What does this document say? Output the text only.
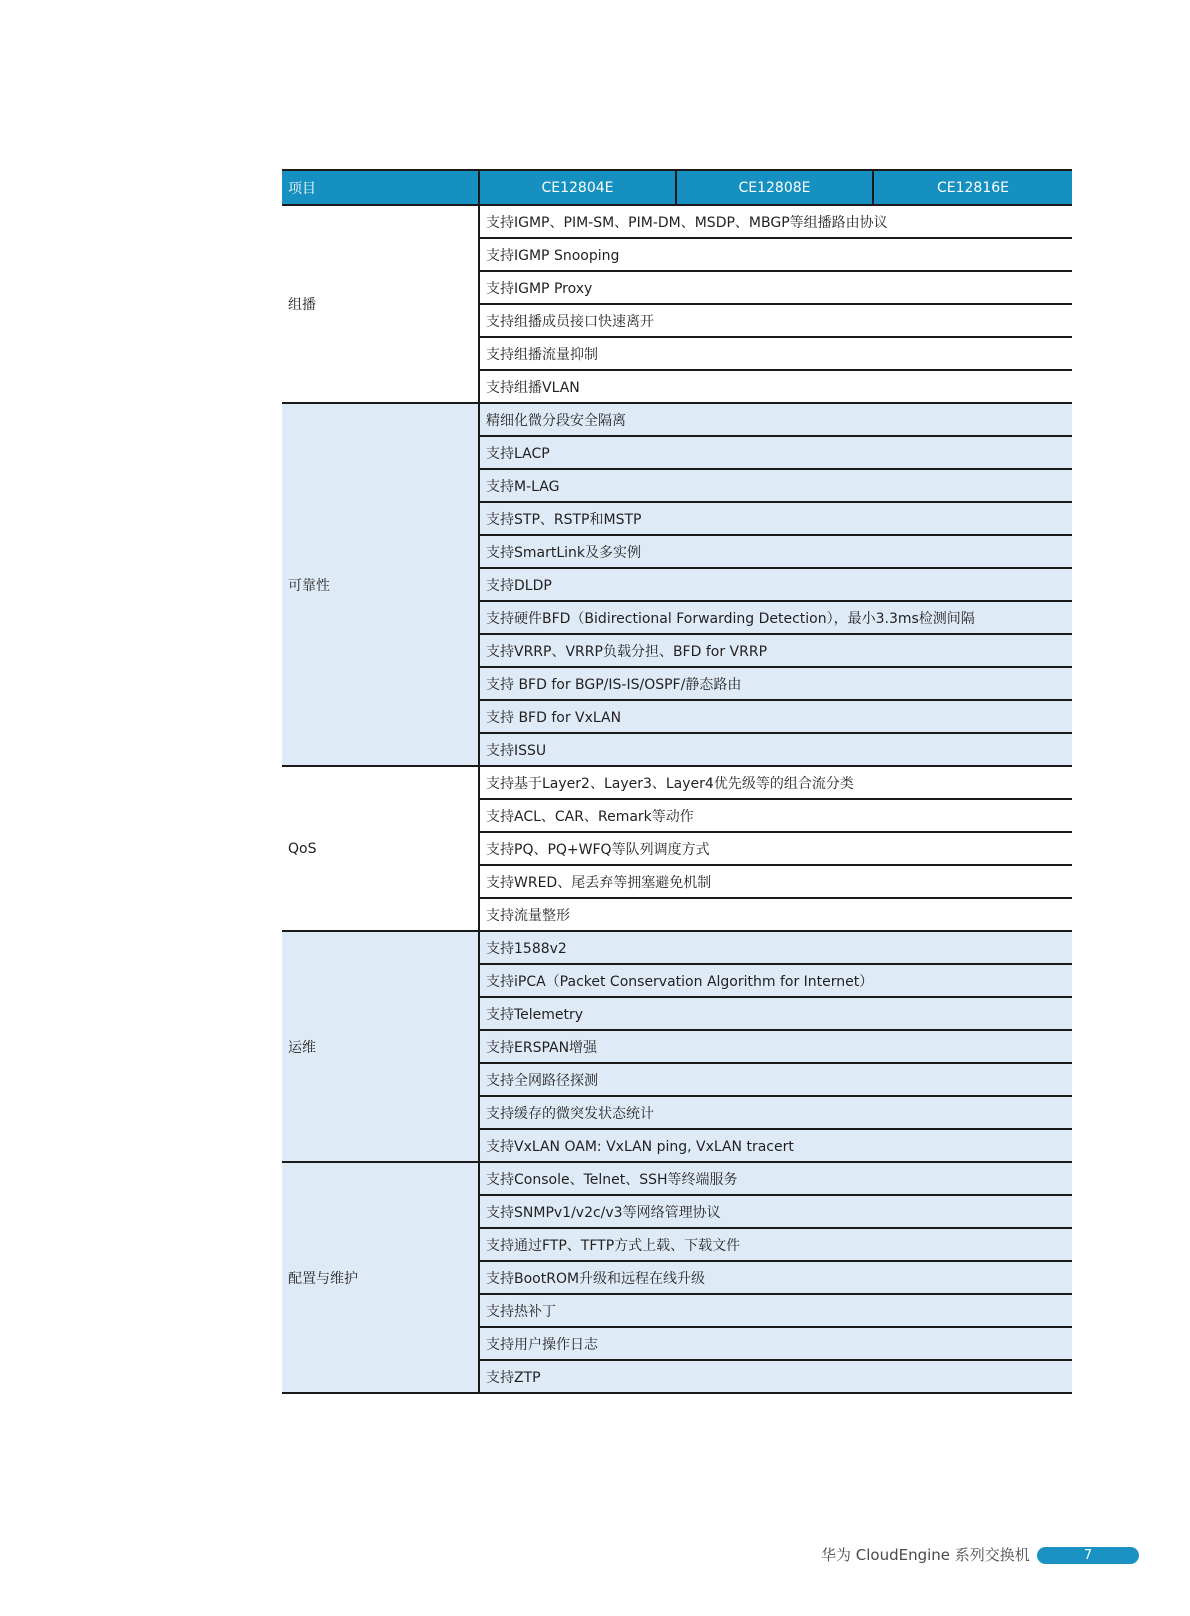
项目	CE12804E	CE12808E	CE12816E
组播	支持IGMP、PIM-SM、PIM-DM、MSDP、MBGP等组播路由协议		
	支持IGMP Snooping		
	支持IGMP Proxy		
	支持组播成员接口快速离开		
	支持组播流量抑制		
	支持组播VLAN		
可靠性	精细化微分段安全隔离		
	支持LACP		
	支持M-LAG		
	支持STP、RSTP和MSTP		
	支持SmartLink及多实例		
	支持DLDP		
	支持硬件BFD（Bidirectional Forwarding Detection），最小3.3ms检测间隔		
	支持VRRP、VRRP负载分担、BFD for VRRP		
	支持 BFD for BGP/IS-IS/OSPF/静态路由		
	支持 BFD for VxLAN		
	支持ISSU		
QoS	支持基于Layer2、Layer3、Layer4优先级等的组合流分类		
	支持ACL、CAR、Remark等动作		
	支持PQ、PQ+WFQ等队列调度方式		
	支持WRED、尾丢弃等拥塞避免机制		
	支持流量整形		
运维	支持1588v2		
	支持iPCA（Packet Conservation Algorithm for Internet）		
	支持Telemetry		
	支持ERSPAN增强		
	支持全网路径探测		
	支持缓存的微突发状态统计		
	支持VxLAN OAM: VxLAN ping, VxLAN tracert		
配置与维护	支持Console、Telnet、SSH等终端服务		
	支持SNMPv1/v2c/v3等网络管理协议		
	支持通过FTP、TFTP方式上载、下载文件		
	支持BootROM升级和远程在线升级		
	支持热补丁		
	支持用户操作日志		
	支持ZTP		
华为 CloudEngine 系列交换机	7
